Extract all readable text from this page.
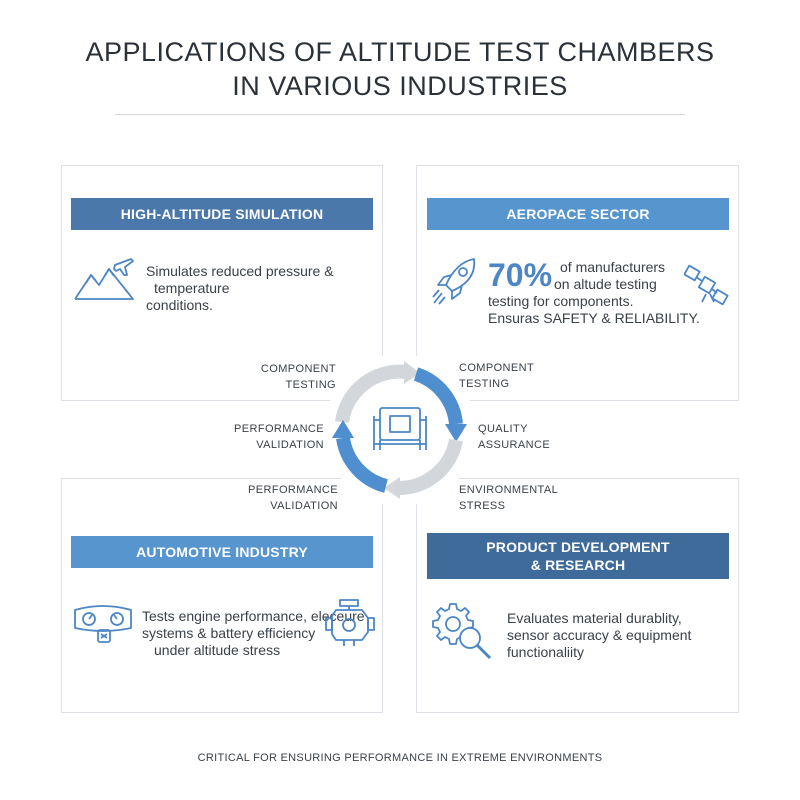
APPLICATIONS OF ALTITUDE TEST CHAMBERS
IN VARIOUS INDUSTRIES
HIGH-ALTITUDE SIMULATION
Simulates reduced pressure &
temperature
conditions.
AEROPACE SECTOR
70% of manufacturers
on altude testing
testing for components.
Ensuras SAFETY & RELIABILITY.
AUTOMOTIVE INDUSTRY
Tests engine performance, eleceure
systems & battery efficiency
under altitude stress
PRODUCT DEVELOPMENT
& RESEARCH
Evaluates material durablity,
sensor accuracy & equipment
functionaliity
COMPONENT
TESTING
COMPONENT
TESTING
PERFORMANCE
VALIDATION
QUALITY
ASSURANCE
PERFORMANCE
VALIDATION
ENVIRONMENTAL
STRESS
CRITICAL FOR ENSURING PERFORMANCE IN EXTREME ENVIRONMENTS
